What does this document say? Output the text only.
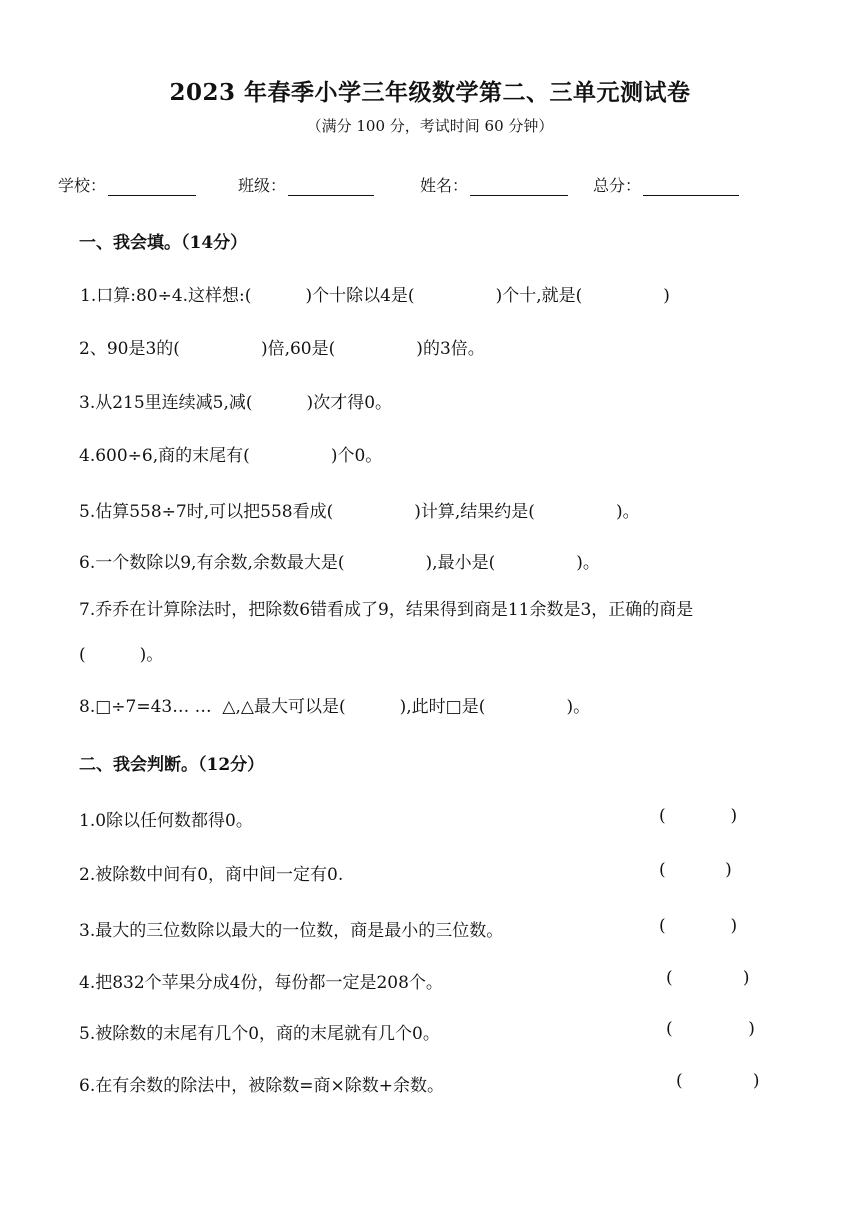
2023 年春季小学三年级数学第二、三单元测试卷
（满分 100 分，考试时间 60 分钟）
学校：	班级：	姓名：	总分：
一、我会填。（14分）
1.口算:80÷4.这样想:(          )个十除以4是(               )个十,就是(               )
2、90是3的(               )倍,60是(               )的3倍。
3.从215里连续减5,减(          )次才得0。
4.600÷6,商的末尾有(               )个0。
5.估算558÷7时,可以把558看成(               )计算,结果约是(               )。
6.一个数除以9,有余数,余数最大是(               ),最小是(               )。
7.乔乔在计算除法时，把除数6错看成了9，结果得到商是11余数是3，正确的商是
(          )。
8.□÷7=43… …  △,△最大可以是(          ),此时□是(               )。
二、我会判断。（12分）
1.0除以任何数都得0。	(            )
2.被除数中间有0，商中间一定有0.	(           )
3.最大的三位数除以最大的一位数，商是最小的三位数。	(            )
4.把832个苹果分成4份，每份都一定是208个。	(             )
5.被除数的末尾有几个0，商的末尾就有几个0。	(              )
6.在有余数的除法中，被除数=商×除数+余数。	(             )
